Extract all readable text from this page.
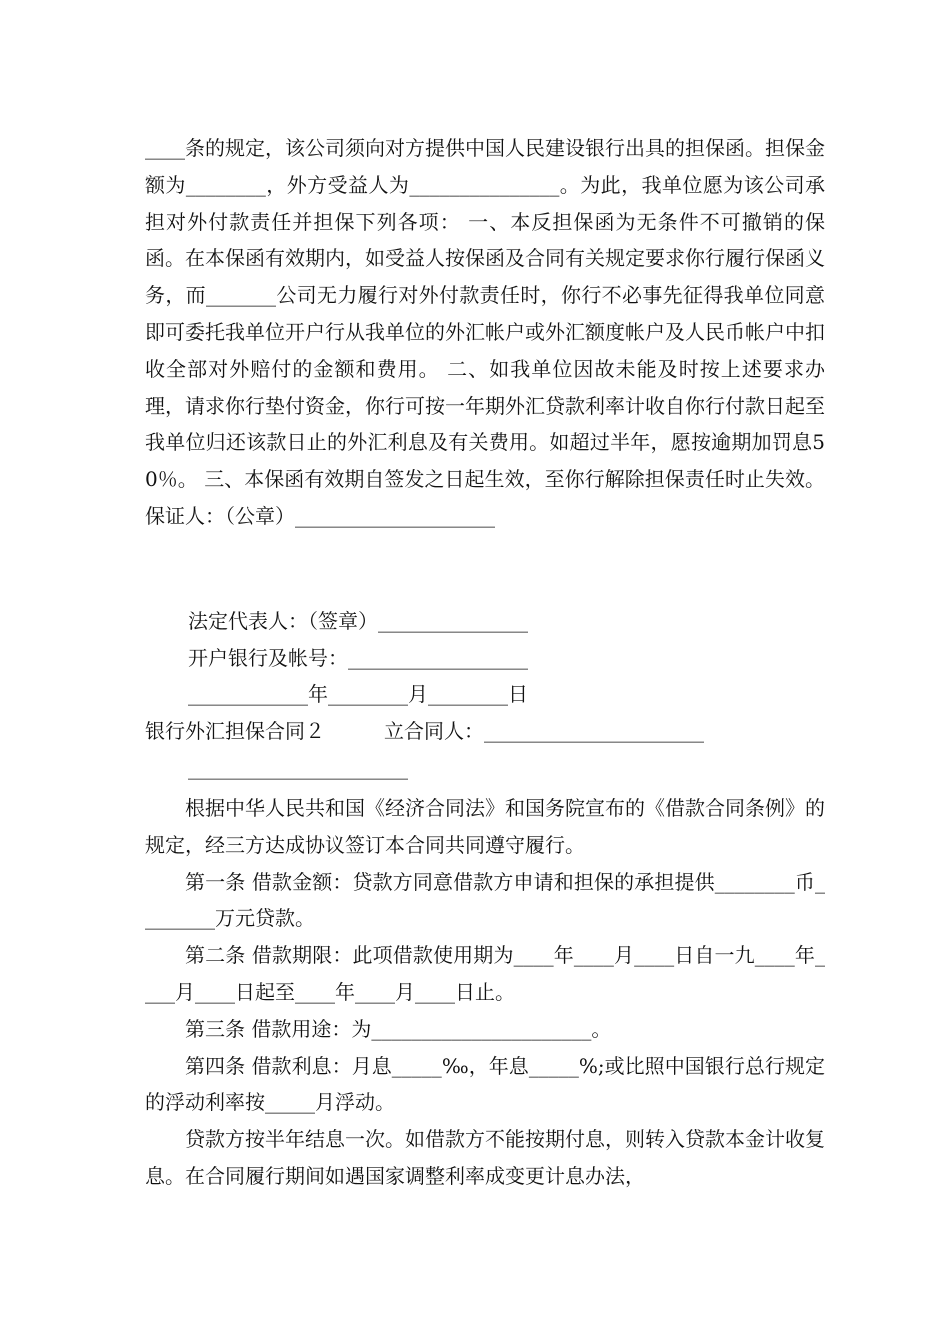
____条的规定，该公司须向对方提供中国人民建设银行出具的担保函。担保金额为________，外方受益人为_______________。为此，我单位愿为该公司承担对外付款责任并担保下列各项： 一、本反担保函为无条件不可撤销的保函。在本保函有效期内，如受益人按保函及合同有关规定要求你行履行保函义务，而_______公司无力履行对外付款责任时，你行不必事先征得我单位同意即可委托我单位开户行从我单位的外汇帐户或外汇额度帐户及人民币帐户中扣收全部对外赔付的金额和费用。 二、如我单位因故未能及时按上述要求办理，请求你行垫付资金，你行可按一年期外汇贷款利率计收自你行付款日起至我单位归还该款日止的外汇利息及有关费用。如超过半年，愿按逾期加罚息50％。 三、本保函有效期自签发之日起生效，至你行解除担保责任时止失效。保证人：（公章）____________________

法定代表人：（签章）_______________
开户银行及帐号：__________________
____________年________月________日
银行外汇担保合同２	立合同人：______________________
______________________

根据中华人民共和国《经济合同法》和国务院宣布的《借款合同条例》的规定，经三方达成协议签订本合同共同遵守履行。

第一条 借款金额：贷款方同意借款方申请和担保的承担提供________币________万元贷款。

第二条 借款期限：此项借款使用期为____年____月____日自一九____年____月____日起至____年____月____日止。

第三条 借款用途：为______________________。

第四条 借款利息：月息_____‰，年息_____%;或比照中国银行总行规定的浮动利率按_____月浮动。

贷款方按半年结息一次。如借款方不能按期付息，则转入贷款本金计收复息。在合同履行期间如遇国家调整利率成变更计息办法，
